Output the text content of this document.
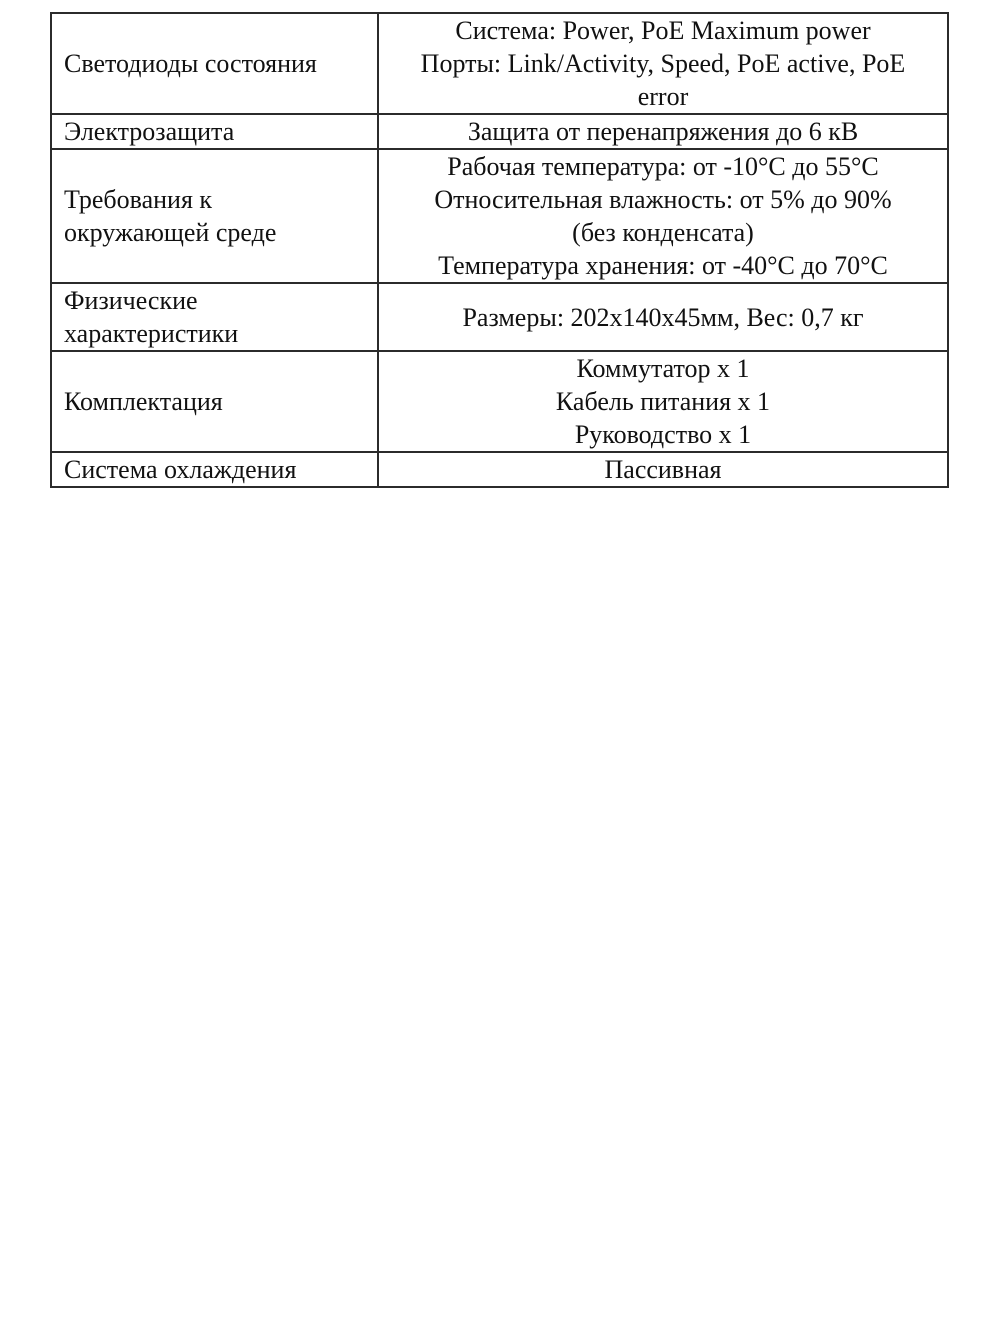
Светодиоды состояния	Система: Power, PoE Maximum power
Порты: Link/Activity, Speed, PoE active, PoE
error

Электрозащита	Защита от перенапряжения до 6 кВ

Требования к
окружающей среде	Рабочая температура: от -10°C до 55°C
Относительная влажность: от 5% до 90%
(без конденсата)
Температура хранения: от -40°C до 70°C

Физические
характеристики	Размеры: 202x140x45мм, Вес: 0,7 кг

Комплектация	Коммутатор x 1
Кабель питания x 1
Руководство x 1

Система охлаждения	Пассивная
